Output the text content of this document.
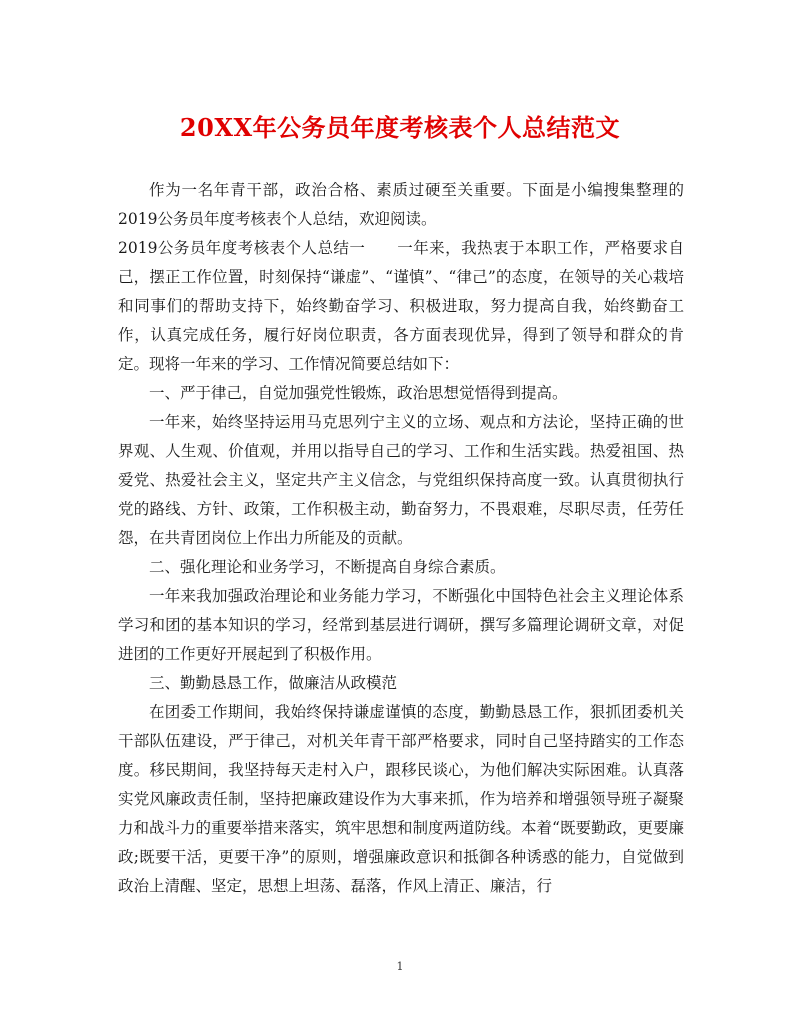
20XX年公务员年度考核表个人总结范文

作为一名年青干部，政治合格、素质过硬至关重要。下面是小编搜集整理的2019公务员年度考核表个人总结，欢迎阅读。

2019公务员年度考核表个人总结一　　一年来，我热衷于本职工作，严格要求自己，摆正工作位置，时刻保持“谦虚”、“谨慎”、“律己”的态度，在领导的关心栽培和同事们的帮助支持下，始终勤奋学习、积极进取，努力提高自我，始终勤奋工作，认真完成任务，履行好岗位职责，各方面表现优异，得到了领导和群众的肯定。现将一年来的学习、工作情况简要总结如下：

一、严于律己，自觉加强党性锻炼，政治思想觉悟得到提高。

一年来，始终坚持运用马克思列宁主义的立场、观点和方法论，坚持正确的世界观、人生观、价值观，并用以指导自己的学习、工作和生活实践。热爱祖国、热爱党、热爱社会主义，坚定共产主义信念，与党组织保持高度一致。认真贯彻执行党的路线、方针、政策，工作积极主动，勤奋努力，不畏艰难，尽职尽责，任劳任怨，在共青团岗位上作出力所能及的贡献。

二、强化理论和业务学习，不断提高自身综合素质。

一年来我加强政治理论和业务能力学习，不断强化中国特色社会主义理论体系学习和团的基本知识的学习，经常到基层进行调研，撰写多篇理论调研文章，对促进团的工作更好开展起到了积极作用。

三、勤勤恳恳工作，做廉洁从政模范

在团委工作期间，我始终保持谦虚谨慎的态度，勤勤恳恳工作，狠抓团委机关干部队伍建设，严于律己，对机关年青干部严格要求，同时自己坚持踏实的工作态度。移民期间，我坚持每天走村入户，跟移民谈心，为他们解决实际困难。认真落实党风廉政责任制，坚持把廉政建设作为大事来抓，作为培养和增强领导班子凝聚力和战斗力的重要举措来落实，筑牢思想和制度两道防线。本着“既要勤政，更要廉政;既要干活，更要干净”的原则，增强廉政意识和抵御各种诱惑的能力，自觉做到政治上清醒、坚定，思想上坦荡、磊落，作风上清正、廉洁，行

1
